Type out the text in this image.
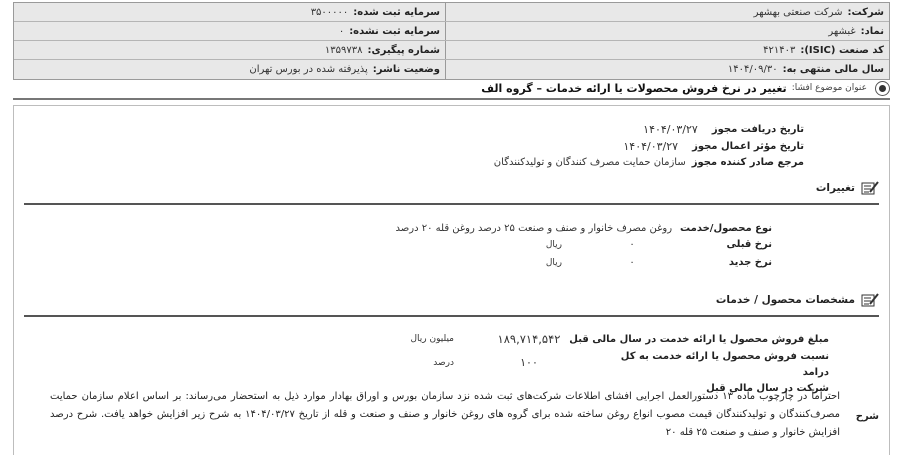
شرکت:
شرکت صنعتی بهشهر
سرمایه ثبت شده:
۳۵۰۰۰۰۰
نماد:
غبشهر
سرمایه ثبت نشده:
۰
کد صنعت (ISIC):
۴۲۱۴۰۳
شماره پیگیری:
۱۳۵۹۷۳۸
سال مالی منتهی به:
۱۴۰۴/۰۹/۳۰
وضعیت ناشر:
پذیرفته شده در بورس تهران
عنوان موضوع افشا:
تغییر در نرخ فروش محصولات یا ارائه خدمات – گروه الف
تاریخ دریافت مجوز
۱۴۰۴/۰۳/۲۷
تاریخ مؤثر اعمال مجوز
۱۴۰۴/۰۳/۲۷
مرجع صادر کننده مجوز
سازمان حمایت مصرف کنندگان و تولیدکنندگان
تغییرات
نوع محصول/خدمت
روغن مصرف خانوار و صنف و صنعت ۲۵ درصد روغن قله ۲۰ درصد
نرخ قبلی
۰
ریال
نرخ جدید
۰
ریال
مشخصات محصول / خدمات
مبلغ فروش محصول یا ارائه خدمت در سال مالی قبل
۱۸۹,۷۱۴,۵۴۲
میلیون ریال
نسبت فروش محصول یا ارائه خدمت به کل درامد
شرکت در سال مالی قبل
۱۰۰
درصد
شرح
احتراماً در چارچوب ماده ۱۳ دستورالعمل اجرایی افشای اطلاعات شرکت‌های ثبت شده نزد سازمان بورس و اوراق بهادار موارد ذیل به استحضار می‌رساند: بر اساس اعلام سازمان حمایت مصرف‌کنندگان و تولیدکنندگان قیمت مصوب انواع روغن ساخته شده برای گروه های روغن خانوار و صنف و صنعت و قله از تاریخ ۱۴۰۴/۰۳/۲۷ به شرح زیر افزایش خواهد یافت. شرح درصد افزایش خانوار و صنف و صنعت ۲۵ قله ۲۰
